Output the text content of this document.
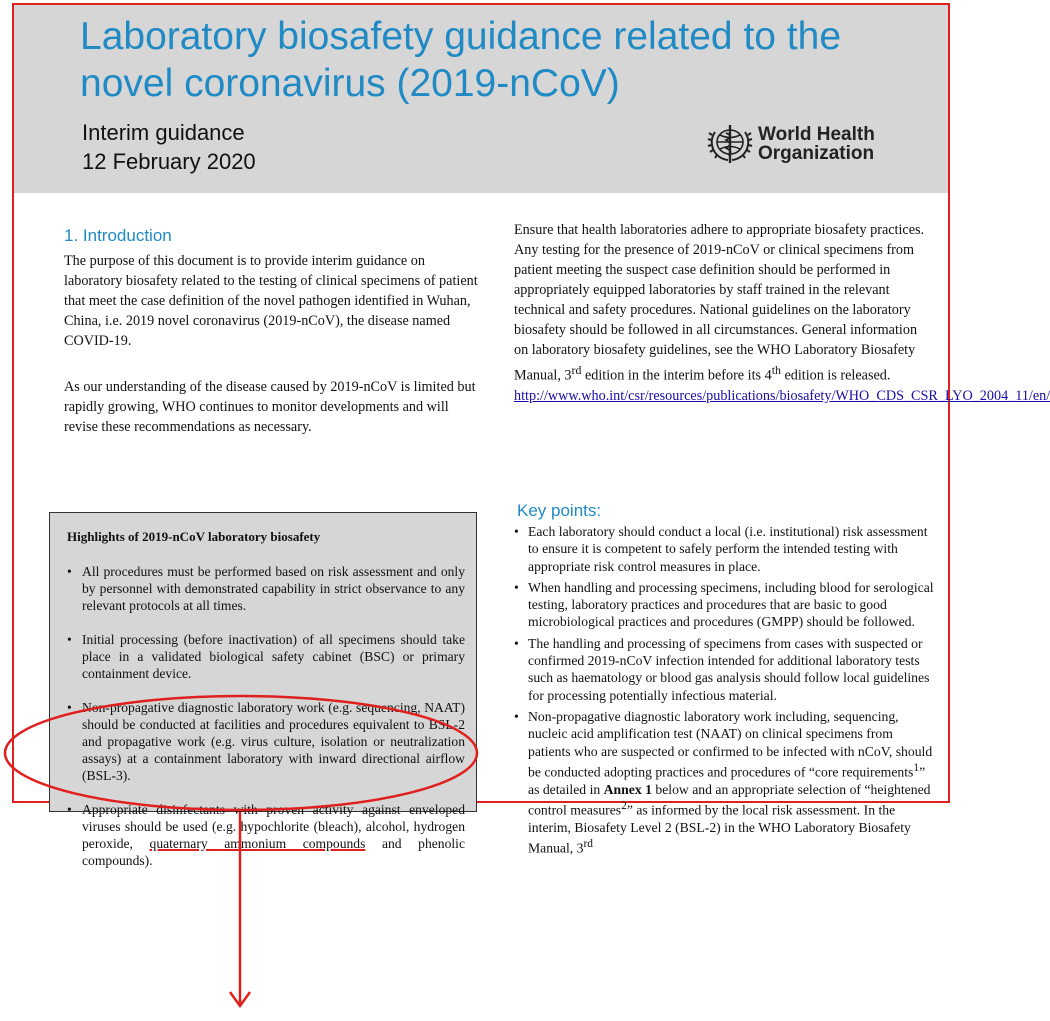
Laboratory biosafety guidance related to the
novel coronavirus (2019-nCoV)
Interim guidance
12 February 2020
World Health
Organization
1. Introduction
The purpose of this document is to provide interim guidance on laboratory biosafety related to the testing of clinical specimens of patient that meet the case definition of the novel pathogen identified in Wuhan, China, i.e. 2019 novel coronavirus (2019-nCoV), the disease named COVID-19.
As our understanding of the disease caused by 2019-nCoV is limited but rapidly growing, WHO continues to monitor developments and will revise these recommendations as necessary.
Highlights of 2019-nCoV laboratory biosafety
• All procedures must be performed based on risk assessment and only by personnel with demonstrated capability in strict observance to any relevant protocols at all times.
• Initial processing (before inactivation) of all specimens should take place in a validated biological safety cabinet (BSC) or primary containment device.
• Non-propagative diagnostic laboratory work (e.g. sequencing, NAAT) should be conducted at facilities and procedures equivalent to BSL-2 and propagative work (e.g. virus culture, isolation or neutralization assays) at a containment laboratory with inward directional airflow (BSL-3).
• Appropriate disinfectants with proven activity against enveloped viruses should be used (e.g. hypochlorite (bleach), alcohol, hydrogen peroxide, quaternary ammonium compounds and phenolic compounds).
Ensure that health laboratories adhere to appropriate biosafety practices. Any testing for the presence of 2019-nCoV or clinical specimens from patient meeting the suspect case definition should be performed in appropriately equipped laboratories by staff trained in the relevant technical and safety procedures. National guidelines on the laboratory biosafety should be followed in all circumstances. General information on laboratory biosafety guidelines, see the WHO Laboratory Biosafety Manual, 3rd edition in the interim before its 4th edition is released.
http://www.who.int/csr/resources/publications/biosafety/WHO_CDS_CSR_LYO_2004_11/en/
Key points:
• Each laboratory should conduct a local (i.e. institutional) risk assessment to ensure it is competent to safely perform the intended testing with appropriate risk control measures in place.
• When handling and processing specimens, including blood for serological testing, laboratory practices and procedures that are basic to good microbiological practices and procedures (GMPP) should be followed.
• The handling and processing of specimens from cases with suspected or confirmed 2019-nCoV infection intended for additional laboratory tests such as haematology or blood gas analysis should follow local guidelines for processing potentially infectious material.
• Non-propagative diagnostic laboratory work including, sequencing, nucleic acid amplification test (NAAT) on clinical specimens from patients who are suspected or confirmed to be infected with nCoV, should be conducted adopting practices and procedures of “core requirements$^1$” as detailed in Annex 1 below and an appropriate selection of “heightened control measures$^2$” as informed by the local risk assessment. In the interim, Biosafety Level 2 (BSL-2) in the WHO Laboratory Biosafety Manual, 3rd
